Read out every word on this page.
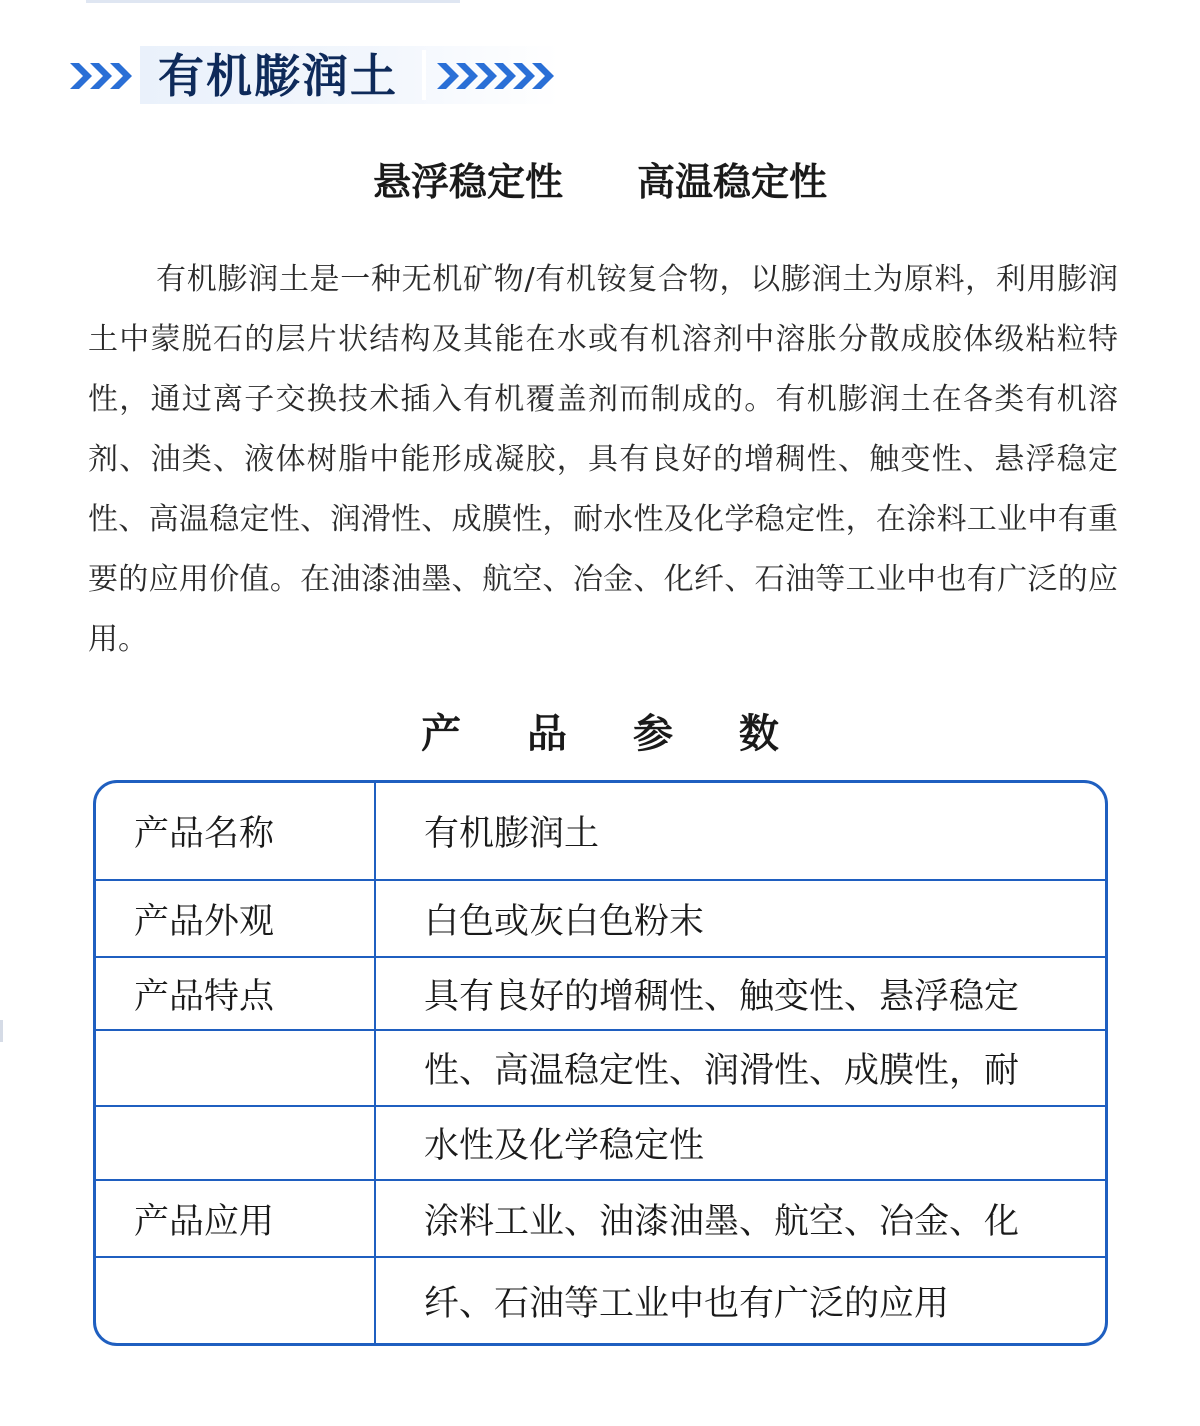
有机膨润土
悬浮稳定性 高温稳定性

有机膨润土是一种无机矿物/有机铵复合物，以膨润土为原料，利用膨润土中蒙脱石的层片状结构及其能在水或有机溶剂中溶胀分散成胶体级粘粒特性，通过离子交换技术插入有机覆盖剂而制成的。有机膨润土在各类有机溶剂、油类、液体树脂中能形成凝胶，具有良好的增稠性、触变性、悬浮稳定性、高温稳定性、润滑性、成膜性，耐水性及化学稳定性，在涂料工业中有重要的应用价值。在油漆油墨、航空、冶金、化纤、石油等工业中也有广泛的应用。

产 品 参 数
产品名称	有机膨润土
产品外观	白色或灰白色粉末
产品特点	具有良好的增稠性、触变性、悬浮稳定
	性、高温稳定性、润滑性、成膜性，耐
	水性及化学稳定性
产品应用	涂料工业、油漆油墨、航空、冶金、化
	纤、石油等工业中也有广泛的应用
